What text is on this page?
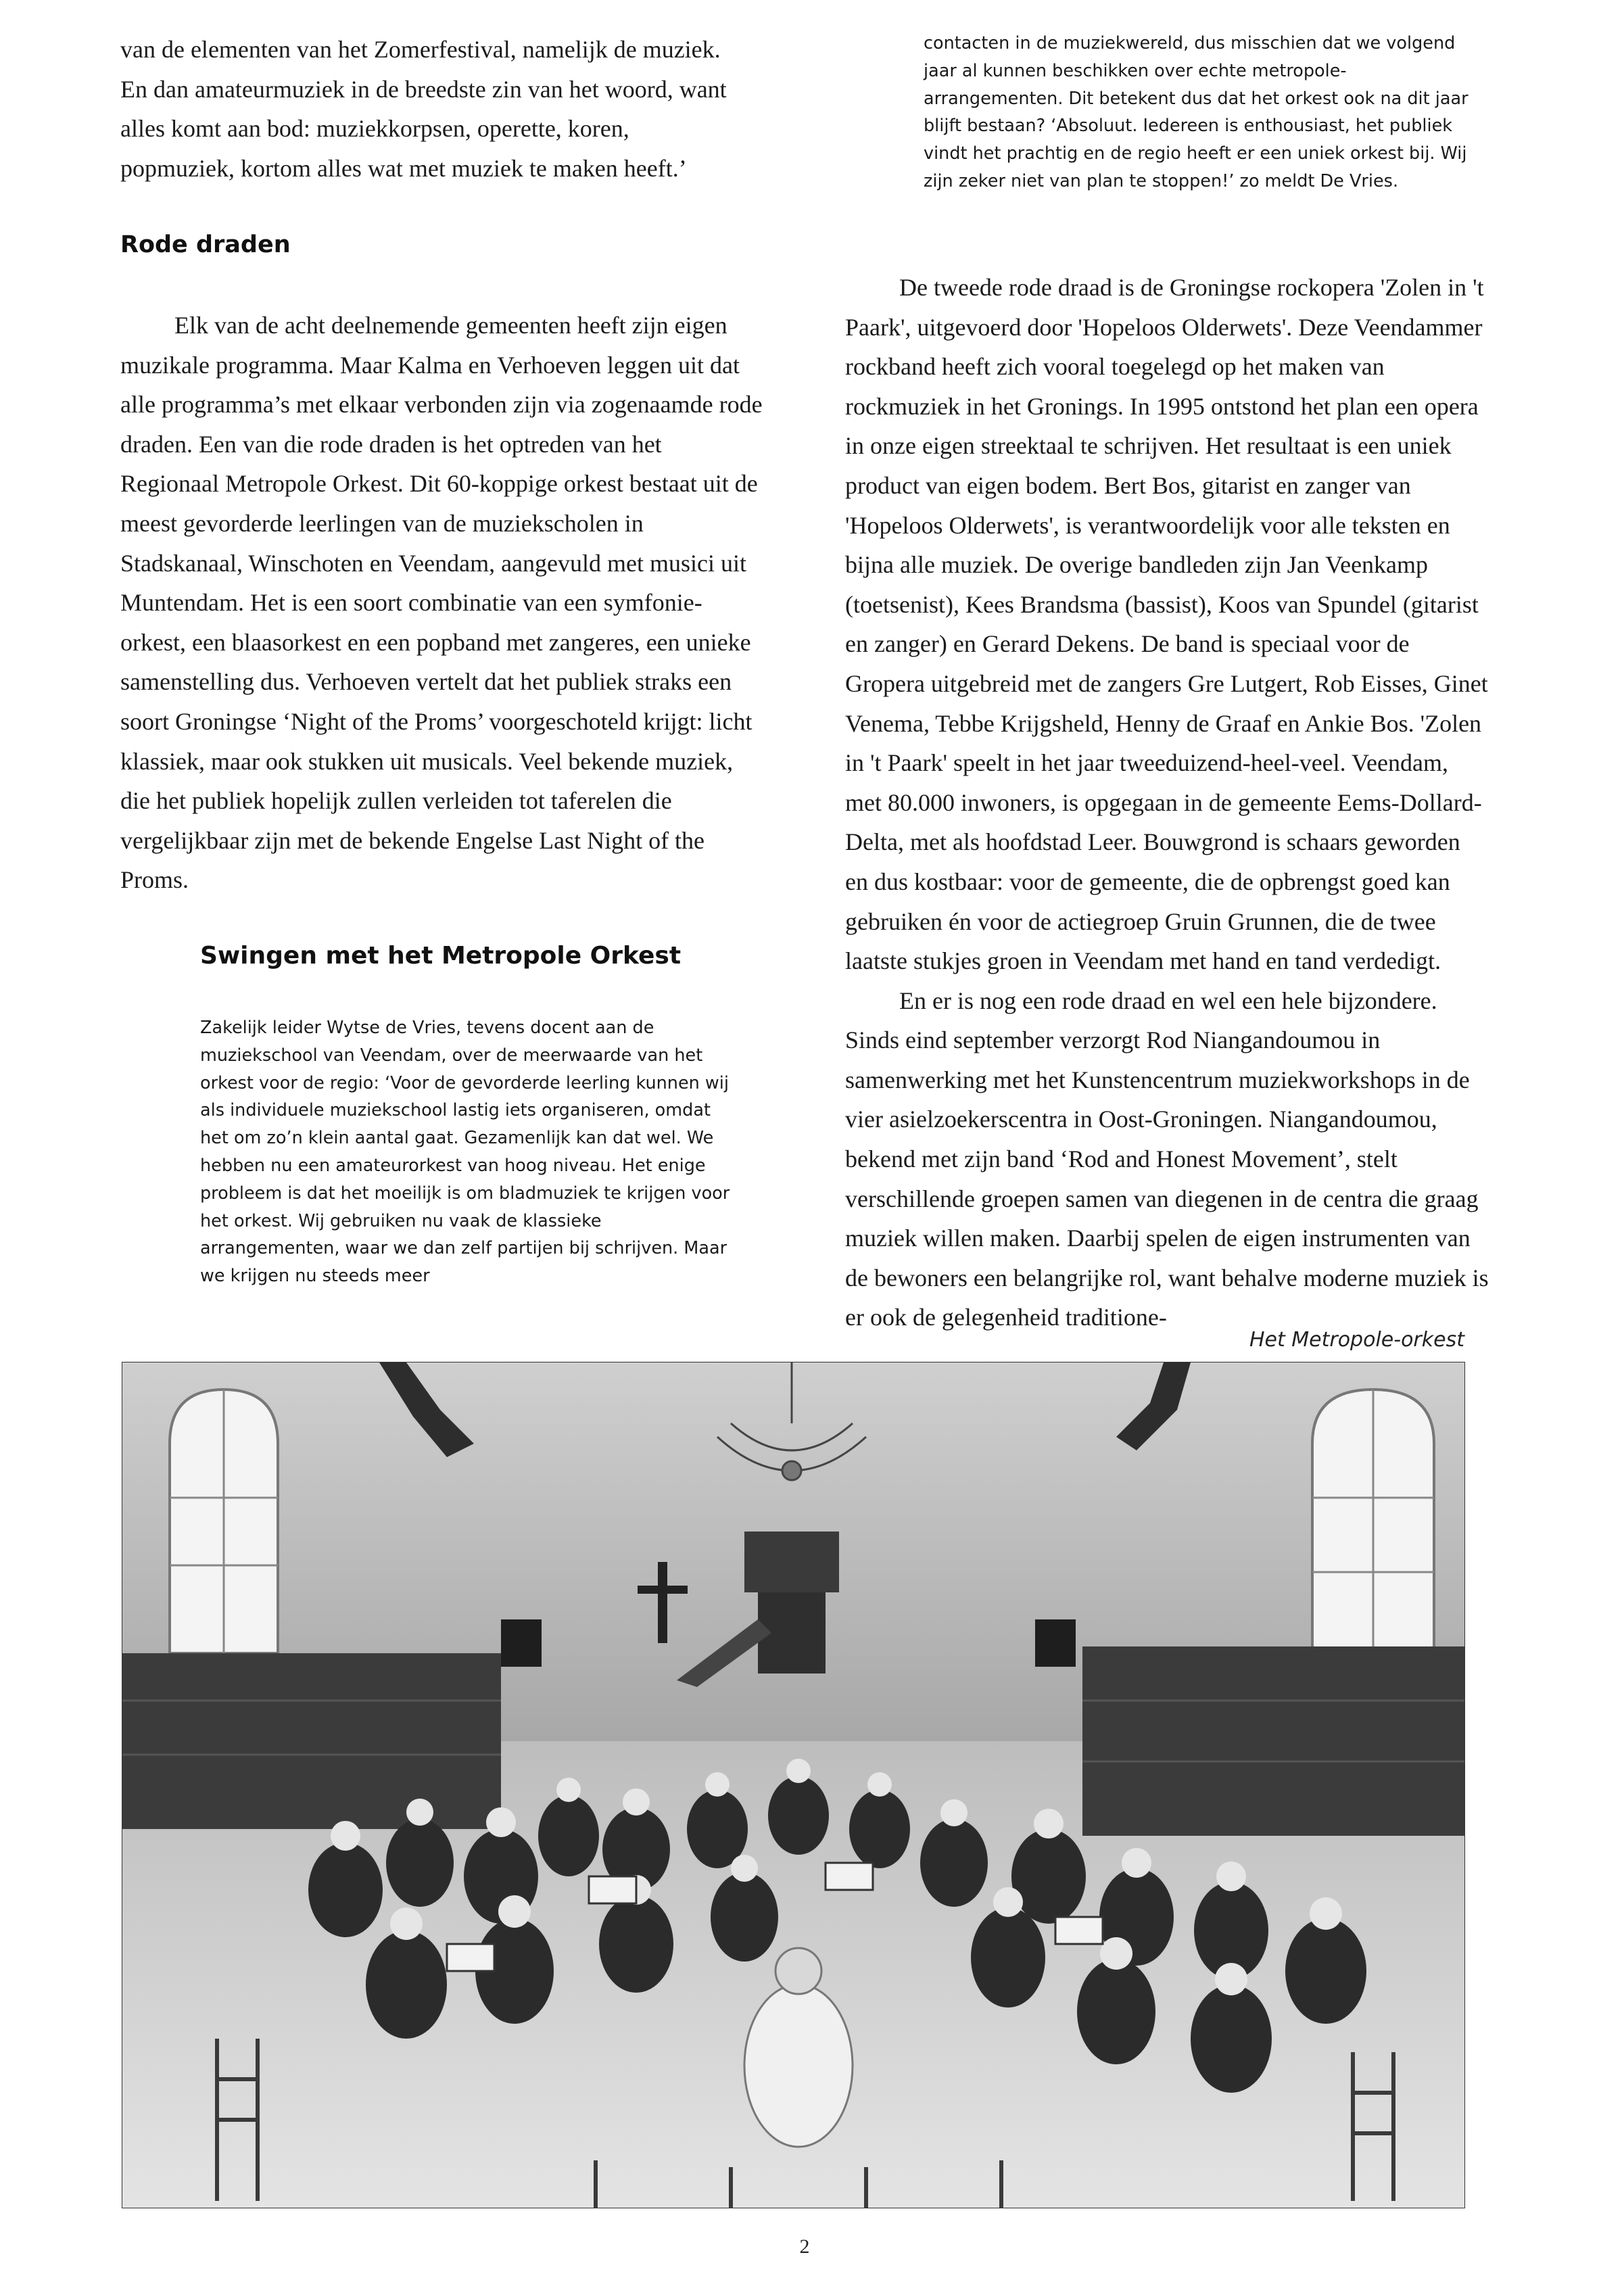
van de elementen van het Zomerfestival, namelijk de muziek. En dan amateurmuziek in de breedste zin van het woord, want alles komt aan bod: muziekkorpsen, operette, koren, popmuziek, kortom alles wat met muziek te maken heeft.’

Rode draden

Elk van de acht deelnemende gemeenten heeft zijn eigen muzikale programma. Maar Kalma en Verhoeven leggen uit dat alle programma’s met elkaar verbonden zijn via zogenaamde rode draden. Een van die rode draden is het optreden van het Regionaal Metropole Orkest. Dit 60-koppige orkest bestaat uit de meest gevorderde leerlingen van de muziekscholen in Stadskanaal, Winschoten en Veendam, aangevuld met musici uit Muntendam. Het is een soort combinatie van een symfonie-orkest, een blaasorkest en een popband met zangeres, een unieke samenstelling dus. Verhoeven vertelt dat het publiek straks een soort Groningse ‘Night of the Proms’ voorgeschoteld krijgt: licht klassiek, maar ook stukken uit musicals. Veel bekende muziek, die het publiek hopelijk zullen verleiden tot taferelen die vergelijkbaar zijn met de bekende Engelse Last Night of the Proms.

Swingen met het Metropole Orkest

Zakelijk leider Wytse de Vries, tevens docent aan de muziekschool van Veendam, over de meerwaarde van het orkest voor de regio: ‘Voor de gevorderde leerling kunnen wij als individuele muziekschool lastig iets organiseren, omdat het om zo’n klein aantal gaat. Gezamenlijk kan dat wel. We hebben nu een amateurorkest van hoog niveau. Het enige probleem is dat het moeilijk is om bladmuziek te krijgen voor het orkest. Wij gebruiken nu vaak de klassieke arrangementen, waar we dan zelf partijen bij schrijven. Maar we krijgen nu steeds meer

contacten in de muziekwereld, dus misschien dat we volgend jaar al kunnen beschikken over echte metropole-arrangementen. Dit betekent dus dat het orkest ook na dit jaar blijft bestaan? ‘Absoluut. Iedereen is enthousiast, het publiek vindt het prachtig en de regio heeft er een uniek orkest bij. Wij zijn zeker niet van plan te stoppen!’ zo meldt De Vries.

De tweede rode draad is de Groningse rockopera 'Zolen in 't Paark', uitgevoerd door 'Hopeloos Olderwets'. Deze Veendammer rockband heeft zich vooral toegelegd op het maken van rockmuziek in het Gronings. In 1995 ontstond het plan een opera in onze eigen streektaal te schrijven. Het resultaat is een uniek product van eigen bodem. Bert Bos, gitarist en zanger van 'Hopeloos Olderwets', is verantwoordelijk voor alle teksten en bijna alle muziek. De overige bandleden zijn Jan Veenkamp (toetsenist), Kees Brandsma (bassist), Koos van Spundel (gitarist en zanger) en Gerard Dekens. De band is speciaal voor de Gropera uitgebreid met de zangers Gre Lutgert, Rob Eisses, Ginet Venema, Tebbe Krijgsheld, Henny de Graaf en Ankie Bos. 'Zolen in 't Paark' speelt in het jaar tweeduizend-heel-veel. Veendam, met 80.000 inwoners, is opgegaan in de gemeente Eems-Dollard-Delta, met als hoofdstad Leer. Bouwgrond is schaars geworden en dus kostbaar: voor de gemeente, die de opbrengst goed kan gebruiken én voor de actiegroep Gruin Grunnen, die de twee laatste stukjes groen in Veendam met hand en tand verdedigt.

En er is nog een rode draad en wel een hele bijzondere. Sinds eind september verzorgt Rod Niangandoumou in samenwerking met het Kunstencentrum muziekworkshops in de vier asielzoekerscentra in Oost-Groningen. Niangandoumou, bekend met zijn band ‘Rod and Honest Movement’, stelt verschillende groepen samen van diegenen in de centra die graag muziek willen maken. Daarbij spelen de eigen instrumenten van de bewoners een belangrijke rol, want behalve moderne muziek is er ook de gelegenheid traditione-

Het Metropole-orkest
2
